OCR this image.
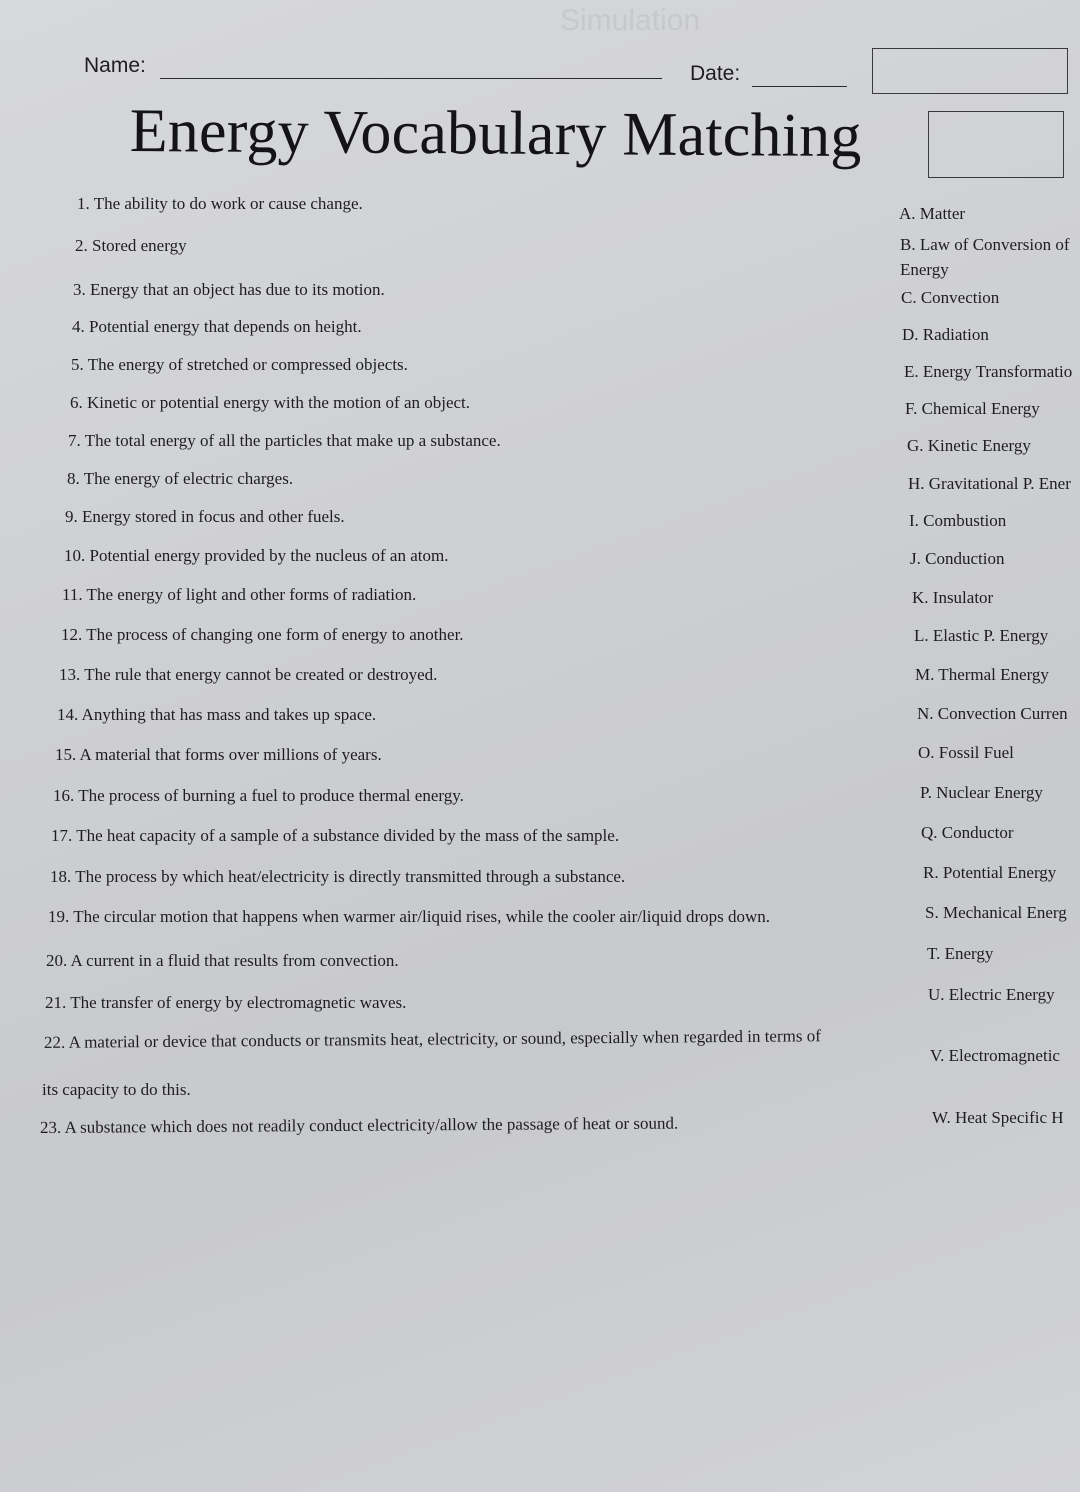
Simulation
Name:	Date:
Energy Vocabulary Matching
1. The ability to do work or cause change.
2. Stored energy
3. Energy that an object has due to its motion.
4. Potential energy that depends on height.
5. The energy of stretched or compressed objects.
6. Kinetic or potential energy with the motion of an object.
7. The total energy of all the particles that make up a substance.
8. The energy of electric charges.
9. Energy stored in focus and other fuels.
10. Potential energy provided by the nucleus of an atom.
11. The energy of light and other forms of radiation.
12. The process of changing one form of energy to another.
13. The rule that energy cannot be created or destroyed.
14. Anything that has mass and takes up space.
15. A material that forms over millions of years.
16. The process of burning a fuel to produce thermal energy.
17. The heat capacity of a sample of a substance divided by the mass of the sample.
18. The process by which heat/electricity is directly transmitted through a substance.
19. The circular motion that happens when warmer air/liquid rises, while the cooler air/liquid drops down.
20. A current in a fluid that results from convection.
21. The transfer of energy by electromagnetic waves.
22. A material or device that conducts or transmits heat, electricity, or sound, especially when regarded in terms of
its capacity to do this.
23. A substance which does not readily conduct electricity/allow the passage of heat or sound.
A. Matter
B. Law of Conversion of Energy
C. Convection
D. Radiation
E. Energy Transformatio
F. Chemical Energy
G. Kinetic Energy
H. Gravitational P. Ener
I. Combustion
J. Conduction
K. Insulator
L. Elastic P. Energy
M. Thermal Energy
N. Convection Curren
O. Fossil Fuel
P. Nuclear Energy
Q. Conductor
R. Potential Energy
S. Mechanical Energ
T. Energy
U. Electric Energy
V. Electromagnetic
W. Heat Specific H
